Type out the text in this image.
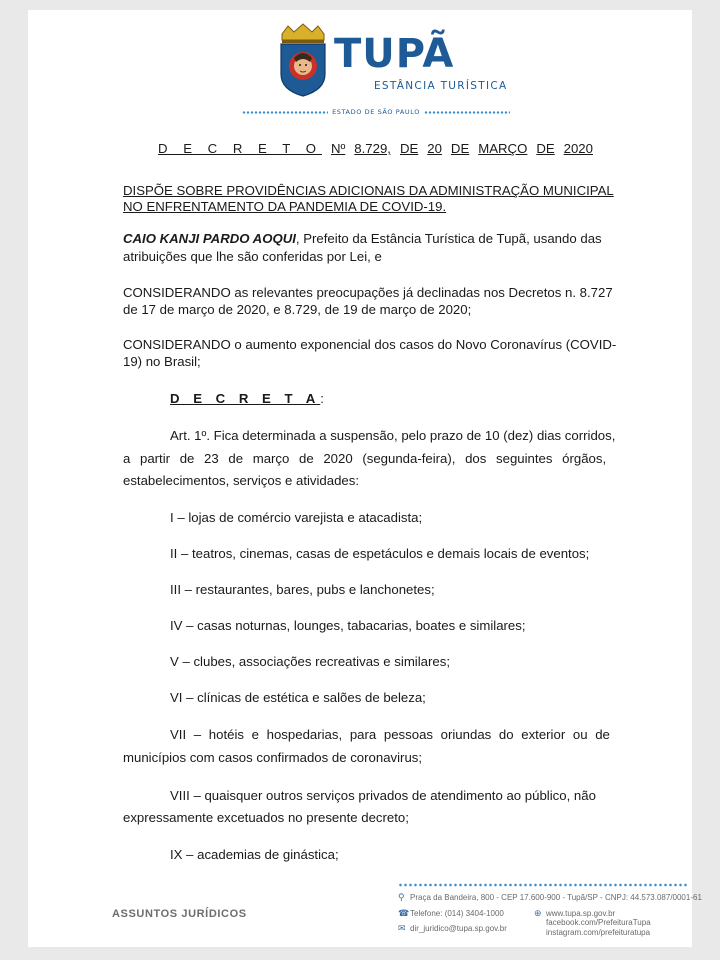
TUPÃ
ESTÂNCIA TURÍSTICA
ESTADO DE SÃO PAULO
D E C R E T O Nº 8.729, DE 20 DE MARÇO DE 2020
DISPÕE SOBRE PROVIDÊNCIAS ADICIONAIS DA ADMINISTRAÇÃO MUNICIPAL
NO ENFRENTAMENTO DA PANDEMIA DE COVID-19.
CAIO KANJI PARDO AOQUI, Prefeito da Estância Turística de Tupã, usando das
atribuições que lhe são conferidas por Lei, e
CONSIDERANDO as relevantes preocupações já declinadas nos Decretos n. 8.727
de 17 de março de 2020, e 8.729, de 19 de março de 2020;
CONSIDERANDO o aumento exponencial dos casos do Novo Coronavírus (COVID-
19) no Brasil;
D E C R E T A:
Art. 1º. Fica determinada a suspensão, pelo prazo de 10 (dez) dias corridos,
a partir de 23 de março de 2020 (segunda-feira), dos seguintes órgãos,
estabelecimentos, serviços e atividades:
I – lojas de comércio varejista e atacadista;
II – teatros, cinemas, casas de espetáculos e demais locais de eventos;
III – restaurantes, bares, pubs e lanchonetes;
IV – casas noturnas, lounges, tabacarias, boates e similares;
V – clubes, associações recreativas e similares;
VI – clínicas de estética e salões de beleza;
VII – hotéis e hospedarias, para pessoas oriundas do exterior ou de
municípios com casos confirmados de coronavirus;
VIII – quaisquer outros serviços privados de atendimento ao público, não
expressamente excetuados no presente decreto;
IX – academias de ginástica;
ASSUNTOS JURÍDICOS
⚲ Praça da Bandeira, 800 - CEP 17.600-900 - Tupã/SP - CNPJ: 44.573.087/0001-61
☎Telefone: (014) 3404-1000
✉ dir_juridico@tupa.sp.gov.br
⊕ www.tupa.sp.gov.br
facebook.com/PrefeituraTupa
instagram.com/prefeituratupa
